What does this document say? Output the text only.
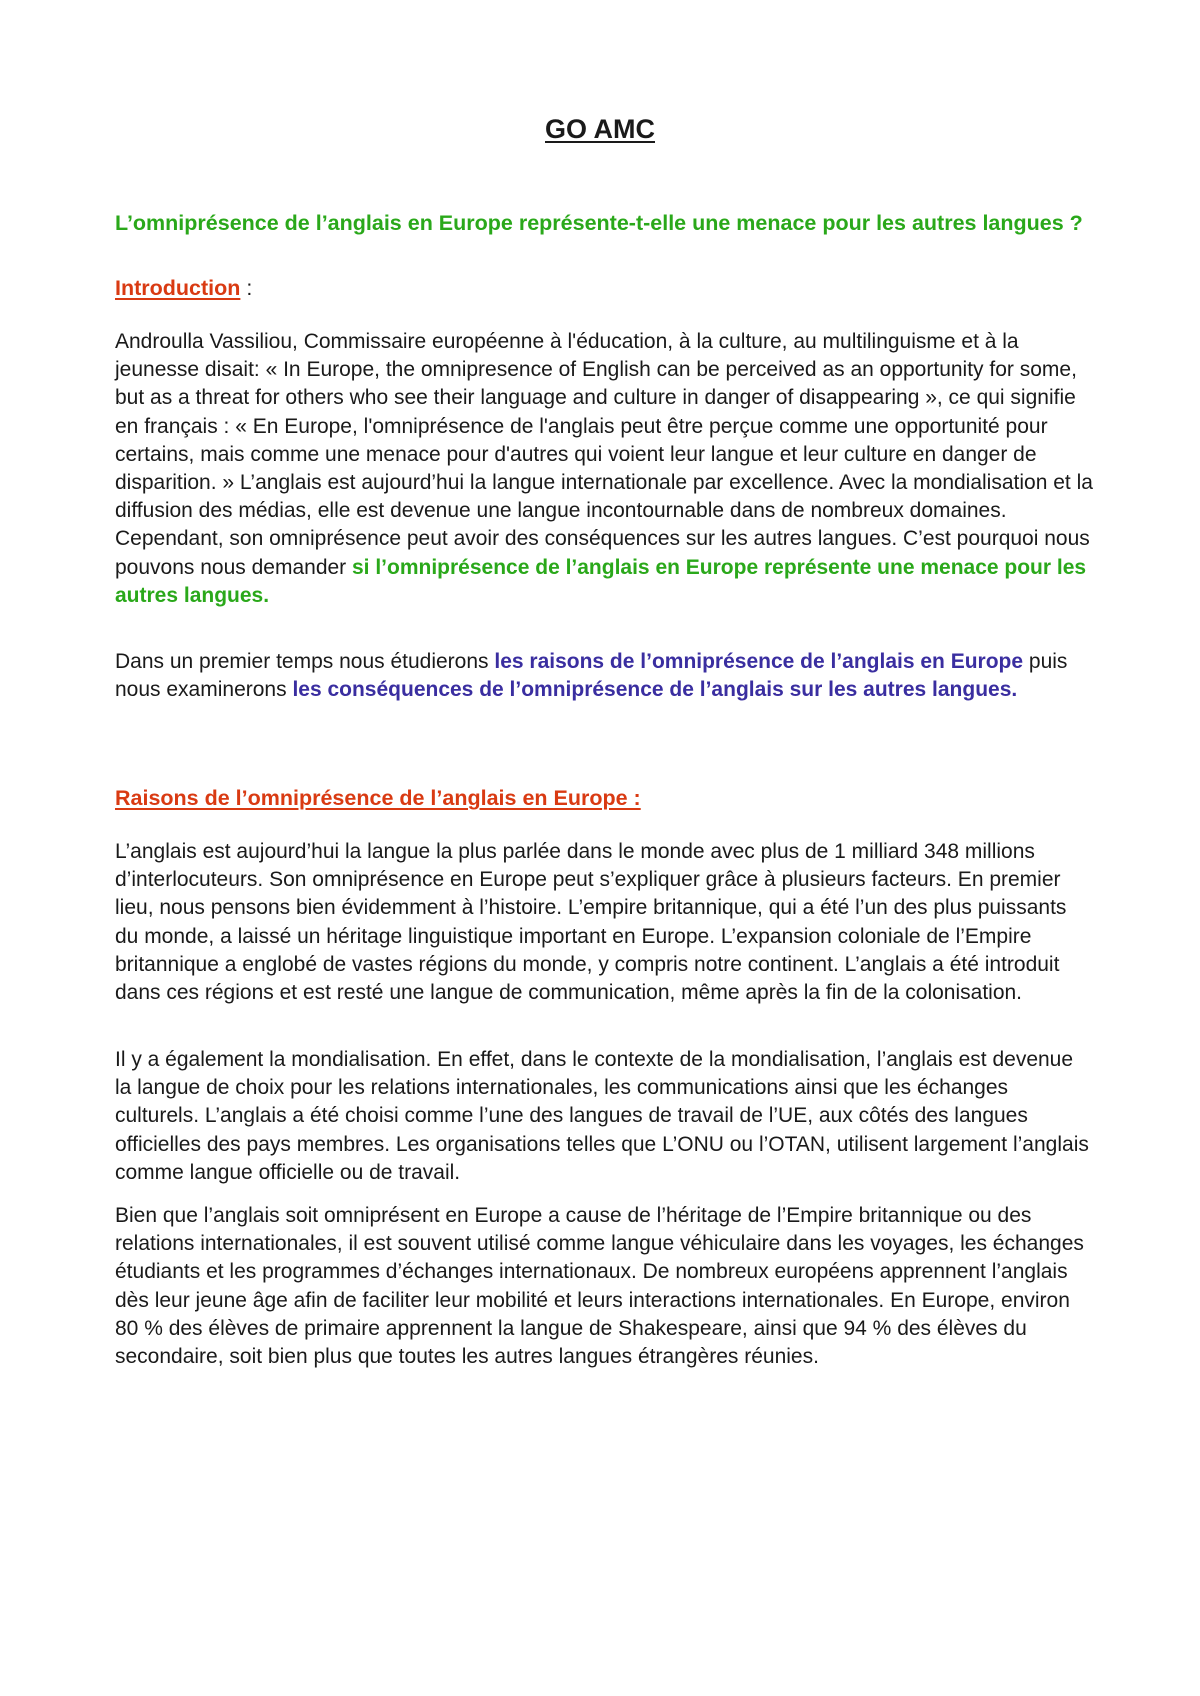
GO AMC

L’omniprésence de l’anglais en Europe représente-t-elle une menace pour les autres langues ?

Introduction :

Androulla Vassiliou, Commissaire européenne à l'éducation, à la culture, au multilinguisme et à la jeunesse disait: « In Europe, the omnipresence of English can be perceived as an opportunity for some, but as a threat for others who see their language and culture in danger of disappearing », ce qui signifie en français : « En Europe, l'omniprésence de l'anglais peut être perçue comme une opportunité pour certains, mais comme une menace pour d'autres qui voient leur langue et leur culture en danger de disparition. » L’anglais est aujourd’hui la langue internationale par excellence. Avec la mondialisation et la diffusion des médias, elle est devenue une langue incontournable dans de nombreux domaines. Cependant, son omniprésence peut avoir des conséquences sur les autres langues. C’est pourquoi nous pouvons nous demander si l’omniprésence de l’anglais en Europe représente une menace pour les autres langues.

Dans un premier temps nous étudierons les raisons de l’omniprésence de l’anglais en Europe puis nous examinerons les conséquences de l’omniprésence de l’anglais sur les autres langues.

Raisons de l’omniprésence de l’anglais en Europe :

L’anglais est aujourd’hui la langue la plus parlée dans le monde avec plus de 1 milliard 348 millions d’interlocuteurs. Son omniprésence en Europe peut s’expliquer grâce à plusieurs facteurs. En premier lieu, nous pensons bien évidemment à l’histoire. L’empire britannique, qui a été l’un des plus puissants du monde, a laissé un héritage linguistique important en Europe. L’expansion coloniale de l’Empire britannique a englobé de vastes régions du monde, y compris notre continent. L’anglais a été introduit dans ces régions et est resté une langue de communication, même après la fin de la colonisation.

Il y a également la mondialisation. En effet, dans le contexte de la mondialisation, l’anglais est devenue la langue de choix pour les relations internationales, les communications ainsi que les échanges culturels. L’anglais a été choisi comme l’une des langues de travail de l’UE, aux côtés des langues officielles des pays membres. Les organisations telles que L’ONU ou l’OTAN, utilisent largement l’anglais comme langue officielle ou de travail.

Bien que l’anglais soit omniprésent en Europe a cause de l’héritage de l’Empire britannique ou des relations internationales, il est souvent utilisé comme langue véhiculaire dans les voyages, les échanges étudiants et les programmes d’échanges internationaux. De nombreux européens apprennent l’anglais dès leur jeune âge afin de faciliter leur mobilité et leurs interactions internationales. En Europe, environ 80 % des élèves de primaire apprennent la langue de Shakespeare, ainsi que 94 % des élèves du secondaire, soit bien plus que toutes les autres langues étrangères réunies.
